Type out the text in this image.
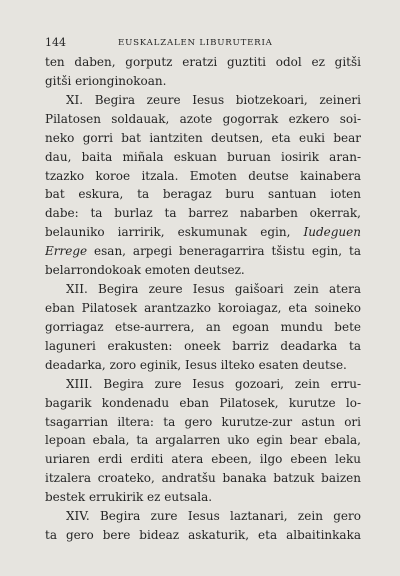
144	EUSKALZALEN LIBURUTERIA
ten daben, gorputz eratzi guztiti odol ez gitši
gitši erionginokoan.
XI. Begira zeure Iesus biotzekoari, zeineri
Pilatosen soldauak, azote gogorrak ezkero soi-
neko gorri bat iantziten deutsen, eta euki bear
dau, baita miñala eskuan buruan iosirik aran-
tzazko koroe itzala. Emoten deutse kainabera
bat eskura, ta beragaz buru santuan ioten
dabe: ta burlaz ta barrez nabarben okerrak,
belauniko iarririk, eskumunak egin, Iudeguen
Errege esan, arpegi beneragarrira tšistu egin, ta
belarrondokoak emoten deutsez.
XII. Begira zeure Iesus gaišoari zein atera
eban Pilatosek arantzazko koroiagaz, eta soineko
gorriagaz etse-aurrera, an egoan mundu bete
laguneri erakusten: oneek barriz deadarka ta
deadarka, zoro eginik, Iesus ilteko esaten deutse.
XIII. Begira zure Iesus gozoari, zein erru-
bagarik kondenadu eban Pilatosek, kurutze lo-
tsagarrian iltera: ta gero kurutze-zur astun ori
lepoan ebala, ta argalarren uko egin bear ebala,
uriaren erdi erditi atera ebeen, ilgo ebeen leku
itzalera croateko, andratšu banaka batzuk baizen
bestek errukirik ez eutsala.
XIV. Begira zure Iesus laztanari, zein gero
ta gero bere bideaz askaturik, eta albaitinkaka
